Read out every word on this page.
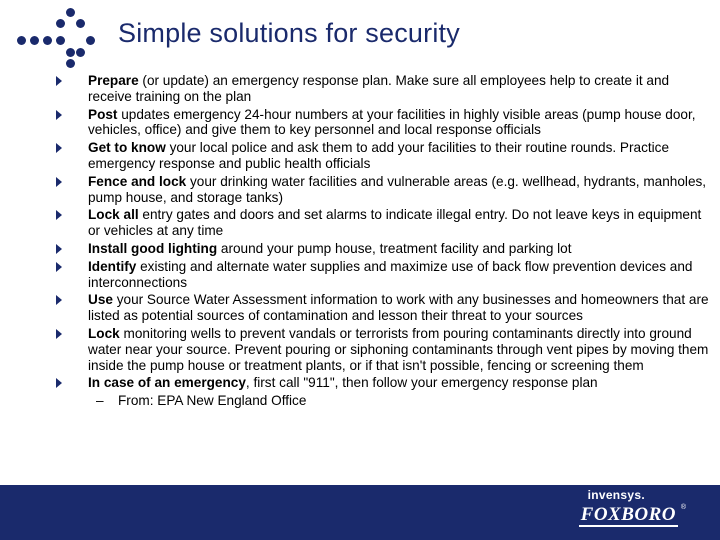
Simple solutions for security
Prepare (or update) an emergency response plan. Make sure all employees help to create it and receive training on the plan
Post updates emergency 24-hour numbers at your facilities in highly visible areas (pump house door, vehicles, office) and give them to key personnel and local response officials
Get to know your local police and ask them to add your facilities to their routine rounds. Practice emergency response and public health officials
Fence and lock your drinking water facilities and vulnerable areas (e.g. wellhead, hydrants, manholes, pump house, and storage tanks)
Lock all entry gates and doors and set alarms to indicate illegal entry. Do not leave keys in equipment or vehicles at any time
Install good lighting around your pump house, treatment facility and parking lot
Identify existing and alternate water supplies and maximize use of back flow prevention devices and interconnections
Use your Source Water Assessment information to work with any businesses and homeowners that are listed as potential sources of contamination and lesson their threat to your sources
Lock monitoring wells to prevent vandals or terrorists from pouring contaminants directly into ground water near your source. Prevent pouring or siphoning contaminants through vent pipes by moving them inside the pump house or treatment plants, or if that isn't possible, fencing or screening them
In case of an emergency, first call "911", then follow your emergency response plan
– From: EPA New England Office
invensys.
FOXBORO ®
